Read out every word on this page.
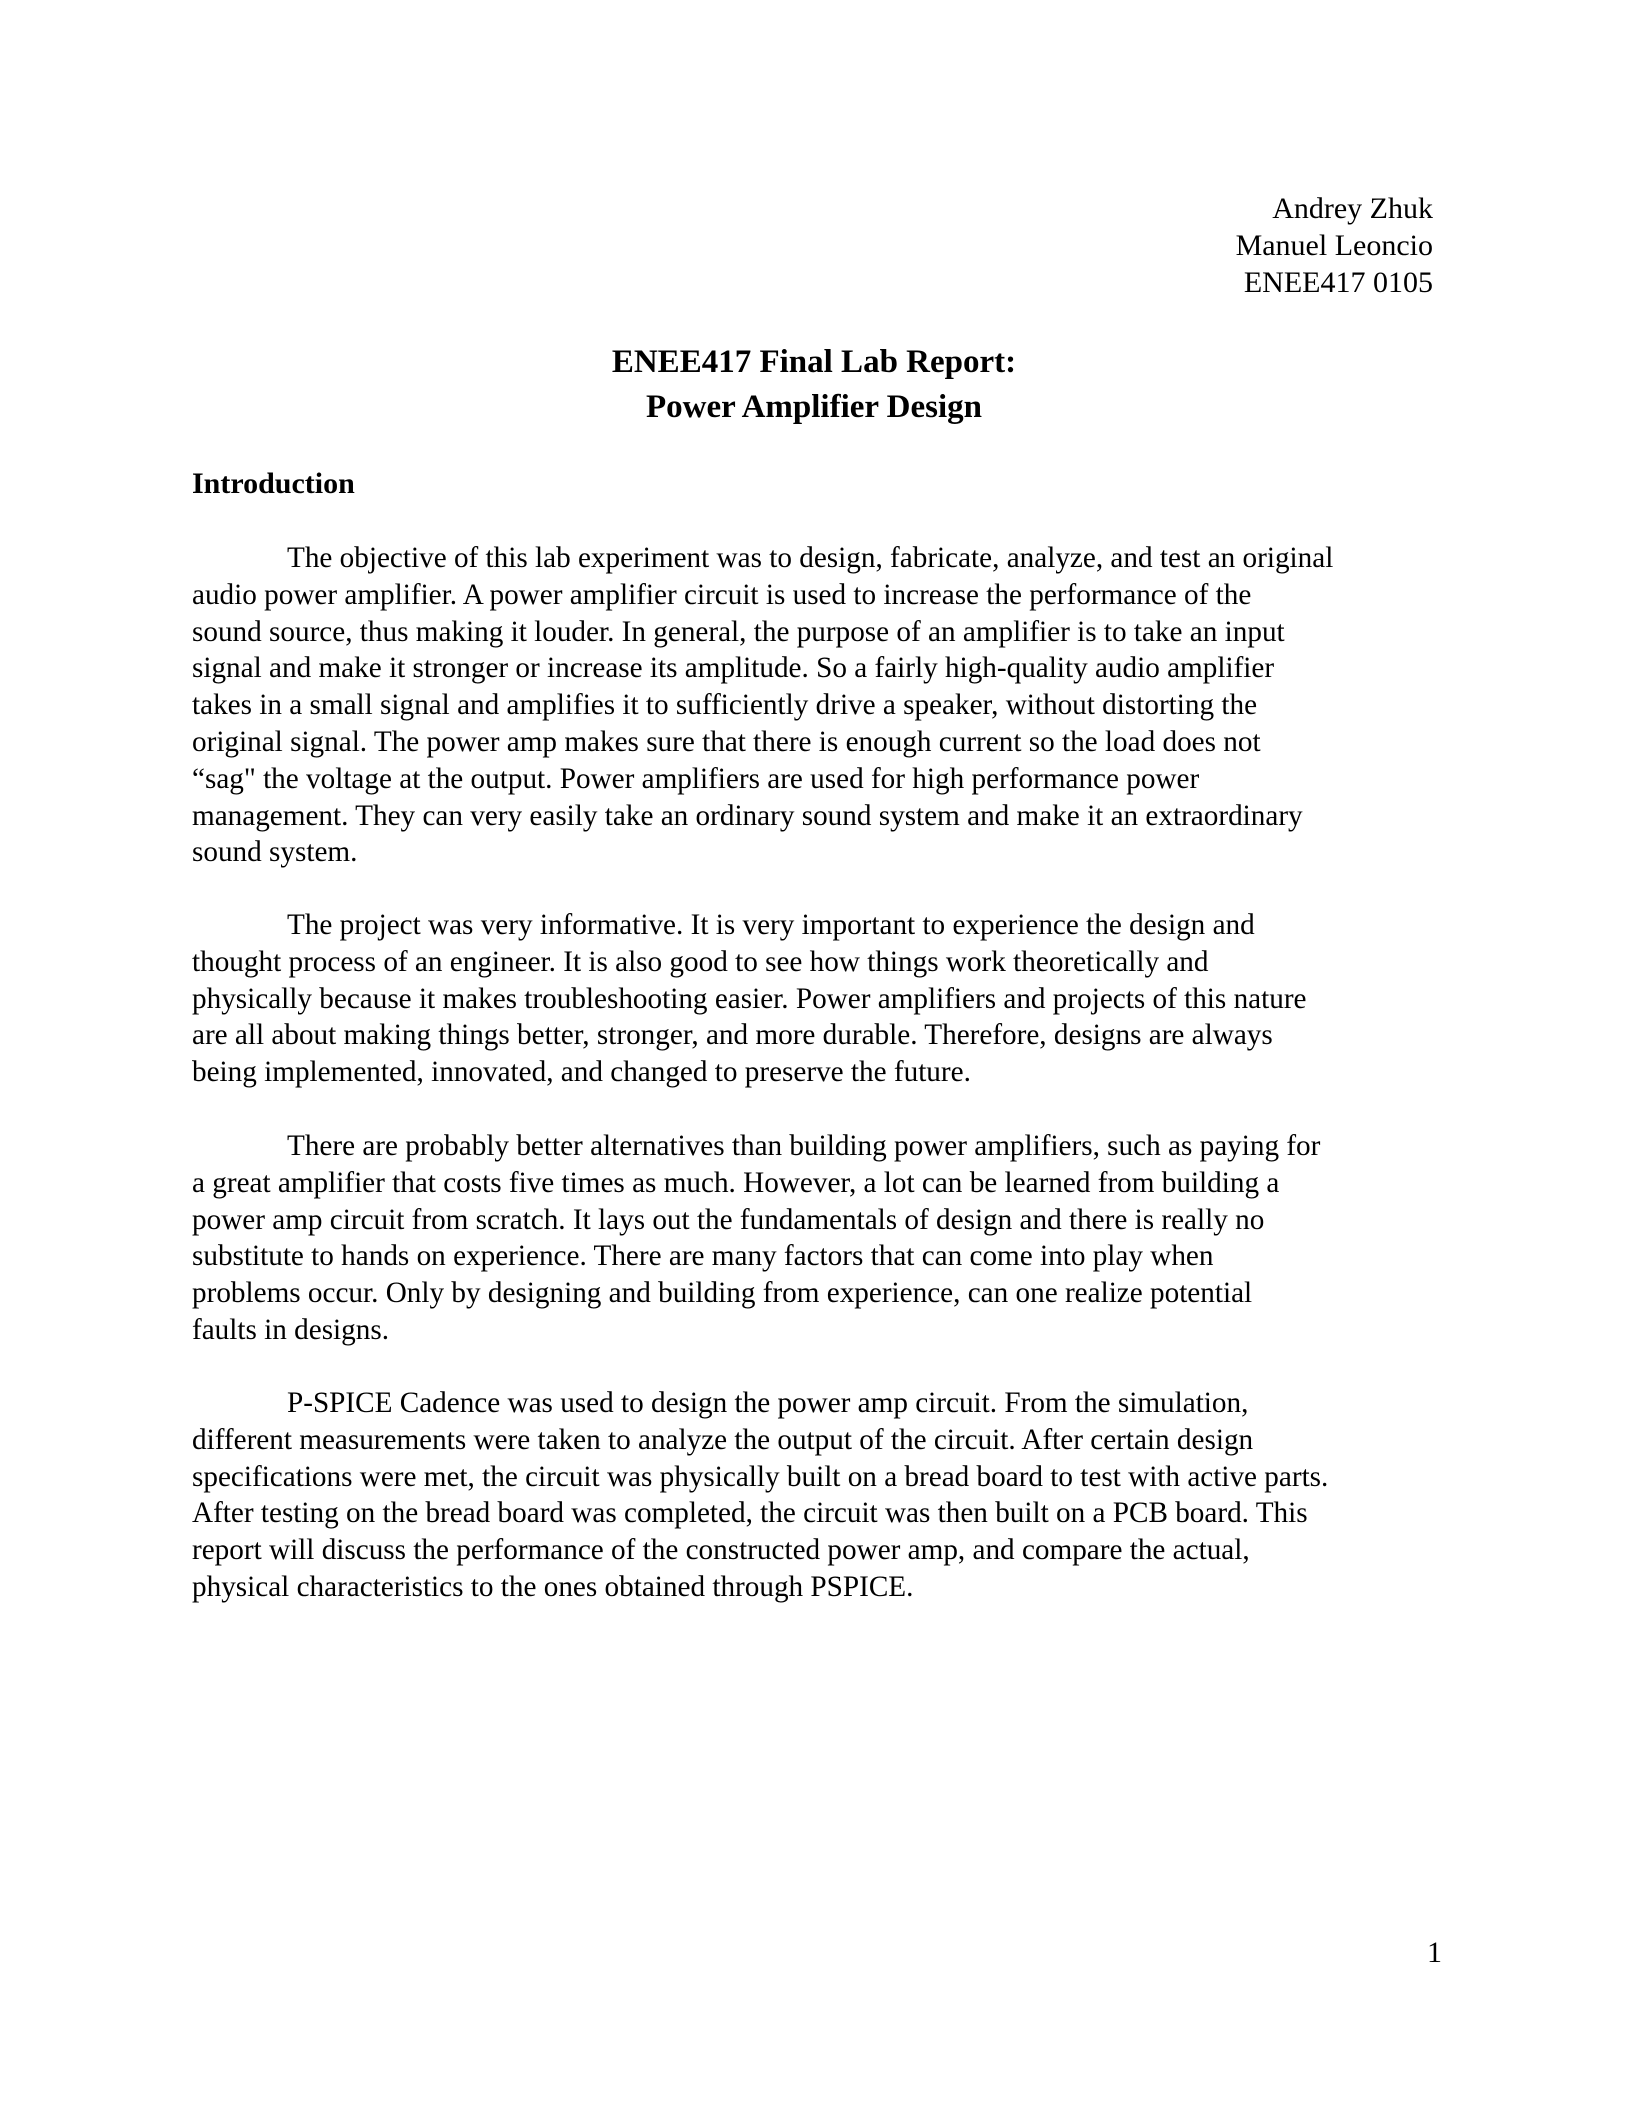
Andrey Zhuk
Manuel Leoncio
ENEE417 0105
ENEE417 Final Lab Report:
Power Amplifier Design
Introduction
The objective of this lab experiment was to design, fabricate, analyze, and test an original
audio power amplifier. A power amplifier circuit is used to increase the performance of the
sound source, thus making it louder. In general, the purpose of an amplifier is to take an input
signal and make it stronger or increase its amplitude. So a fairly high-quality audio amplifier
takes in a small signal and amplifies it to sufficiently drive a speaker, without distorting the
original signal. The power amp makes sure that there is enough current so the load does not
“sag" the voltage at the output. Power amplifiers are used for high performance power
management. They can very easily take an ordinary sound system and make it an extraordinary
sound system.
The project was very informative. It is very important to experience the design and
thought process of an engineer. It is also good to see how things work theoretically and
physically because it makes troubleshooting easier. Power amplifiers and projects of this nature
are all about making things better, stronger, and more durable. Therefore, designs are always
being implemented, innovated, and changed to preserve the future.
There are probably better alternatives than building power amplifiers, such as paying for
a great amplifier that costs five times as much. However, a lot can be learned from building a
power amp circuit from scratch. It lays out the fundamentals of design and there is really no
substitute to hands on experience. There are many factors that can come into play when
problems occur. Only by designing and building from experience, can one realize potential
faults in designs.
P-SPICE Cadence was used to design the power amp circuit. From the simulation,
different measurements were taken to analyze the output of the circuit. After certain design
specifications were met, the circuit was physically built on a bread board to test with active parts.
After testing on the bread board was completed, the circuit was then built on a PCB board. This
report will discuss the performance of the constructed power amp, and compare the actual,
physical characteristics to the ones obtained through PSPICE.
1
